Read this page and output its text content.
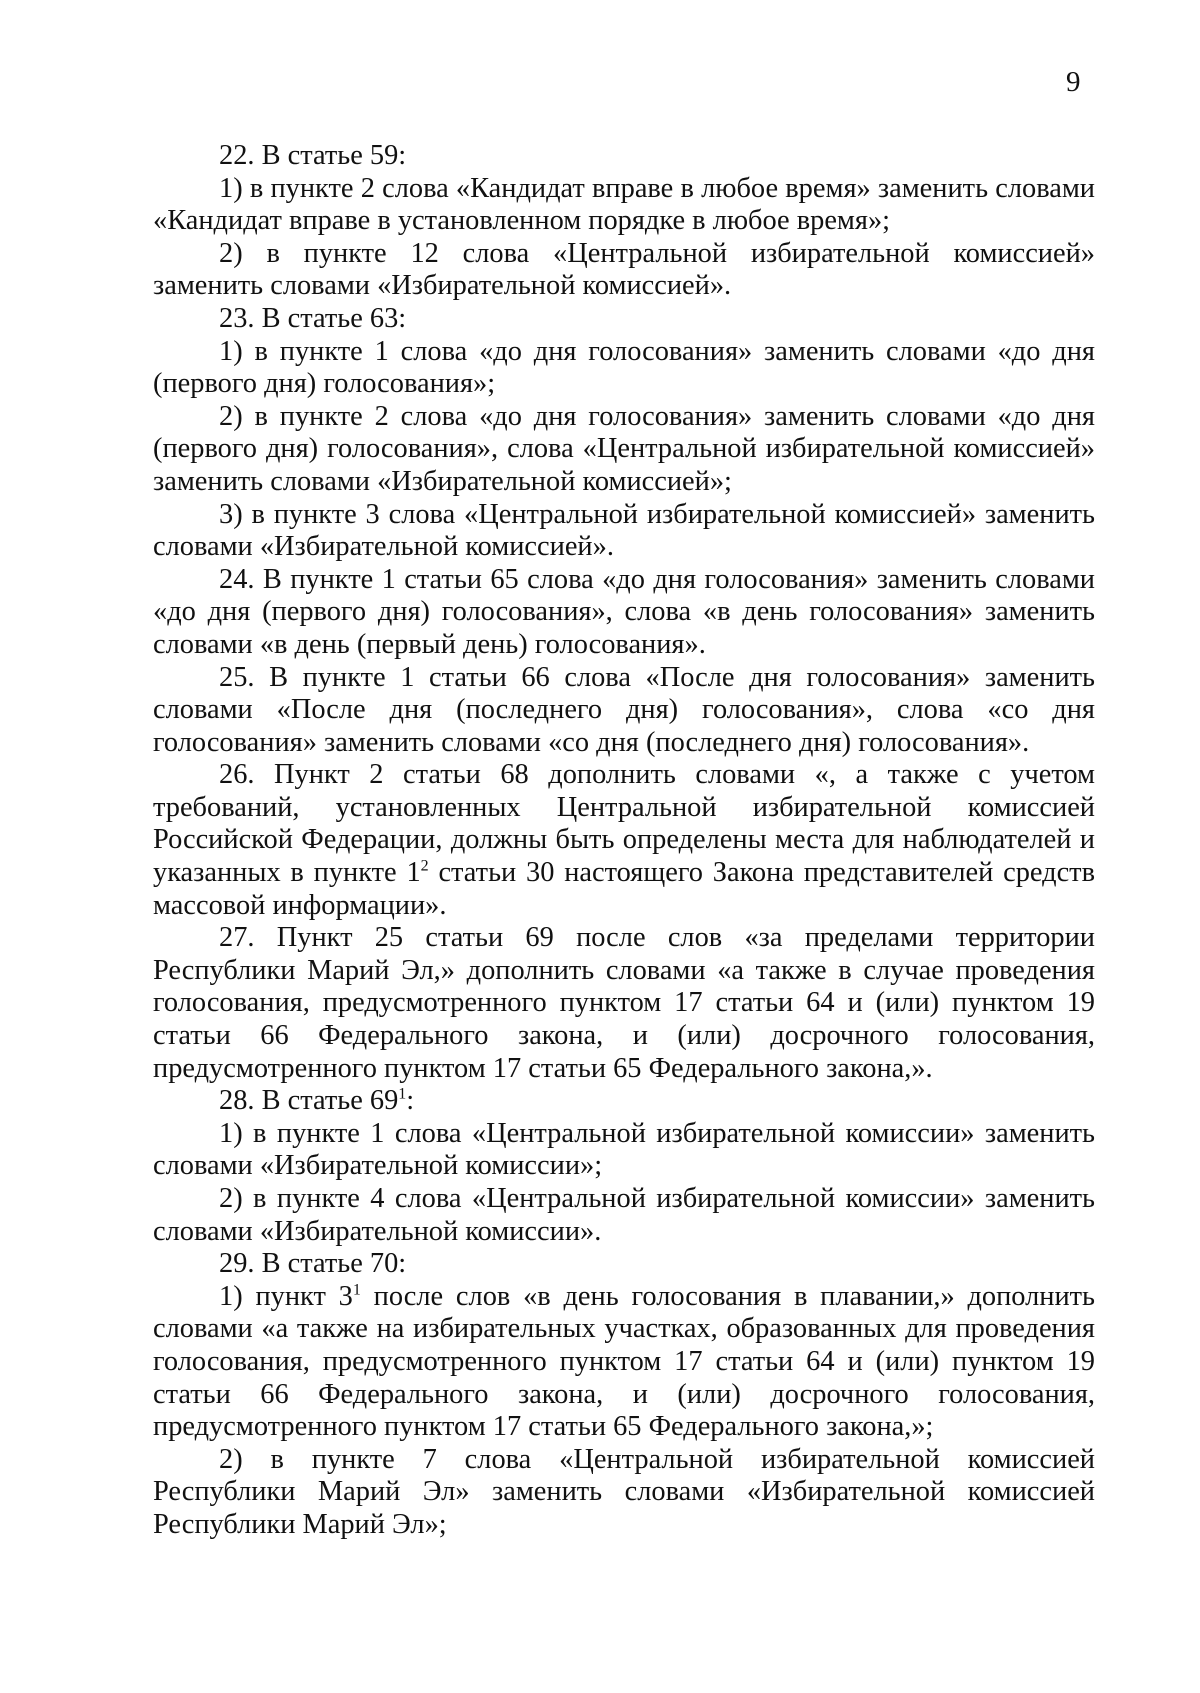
9

22. В статье 59:

1) в пункте 2 слова «Кандидат вправе в любое время» заменить словами «Кандидат вправе в установленном порядке в любое время»;

2) в пункте 12 слова «Центральной избирательной комиссией» заменить словами «Избирательной комиссией».

23. В статье 63:

1) в пункте 1 слова «до дня голосования» заменить словами «до дня (первого дня) голосования»;

2) в пункте 2 слова «до дня голосования» заменить словами «до дня (первого дня) голосования», слова «Центральной избирательной комиссией» заменить словами «Избирательной комиссией»;

3) в пункте 3 слова «Центральной избирательной комиссией» заменить словами «Избирательной комиссией».

24. В пункте 1 статьи 65 слова «до дня голосования» заменить словами «до дня (первого дня) голосования», слова «в день голосования» заменить словами «в день (первый день) голосования».

25. В пункте 1 статьи 66 слова «После дня голосования» заменить словами «После дня (последнего дня) голосования», слова «со дня голосования» заменить словами «со дня (последнего дня) голосования».

26. Пункт 2 статьи 68 дополнить словами «, а также с учетом требований, установленных Центральной избирательной комиссией Российской Федерации, должны быть определены места для наблюдателей и указанных в пункте $1^2$ статьи 30 настоящего Закона представителей средств массовой информации».

27. Пункт 25 статьи 69 после слов «за пределами территории Республики Марий Эл,» дополнить словами «а также в случае проведения голосования, предусмотренного пунктом 17 статьи 64 и (или) пунктом 19 статьи 66 Федерального закона, и (или) досрочного голосования, предусмотренного пунктом 17 статьи 65 Федерального закона,».

28. В статье $69^1$:

1) в пункте 1 слова «Центральной избирательной комиссии» заменить словами «Избирательной комиссии»;

2) в пункте 4 слова «Центральной избирательной комиссии» заменить словами «Избирательной комиссии».

29. В статье 70:

1) пункт $3^1$ после слов «в день голосования в плавании,» дополнить словами «а также на избирательных участках, образованных для проведения голосования, предусмотренного пунктом 17 статьи 64 и (или) пунктом 19 статьи 66 Федерального закона, и (или) досрочного голосования, предусмотренного пунктом 17 статьи 65 Федерального закона,»;

2) в пункте 7 слова «Центральной избирательной комиссией Республики Марий Эл» заменить словами «Избирательной комиссией Республики Марий Эл»;
